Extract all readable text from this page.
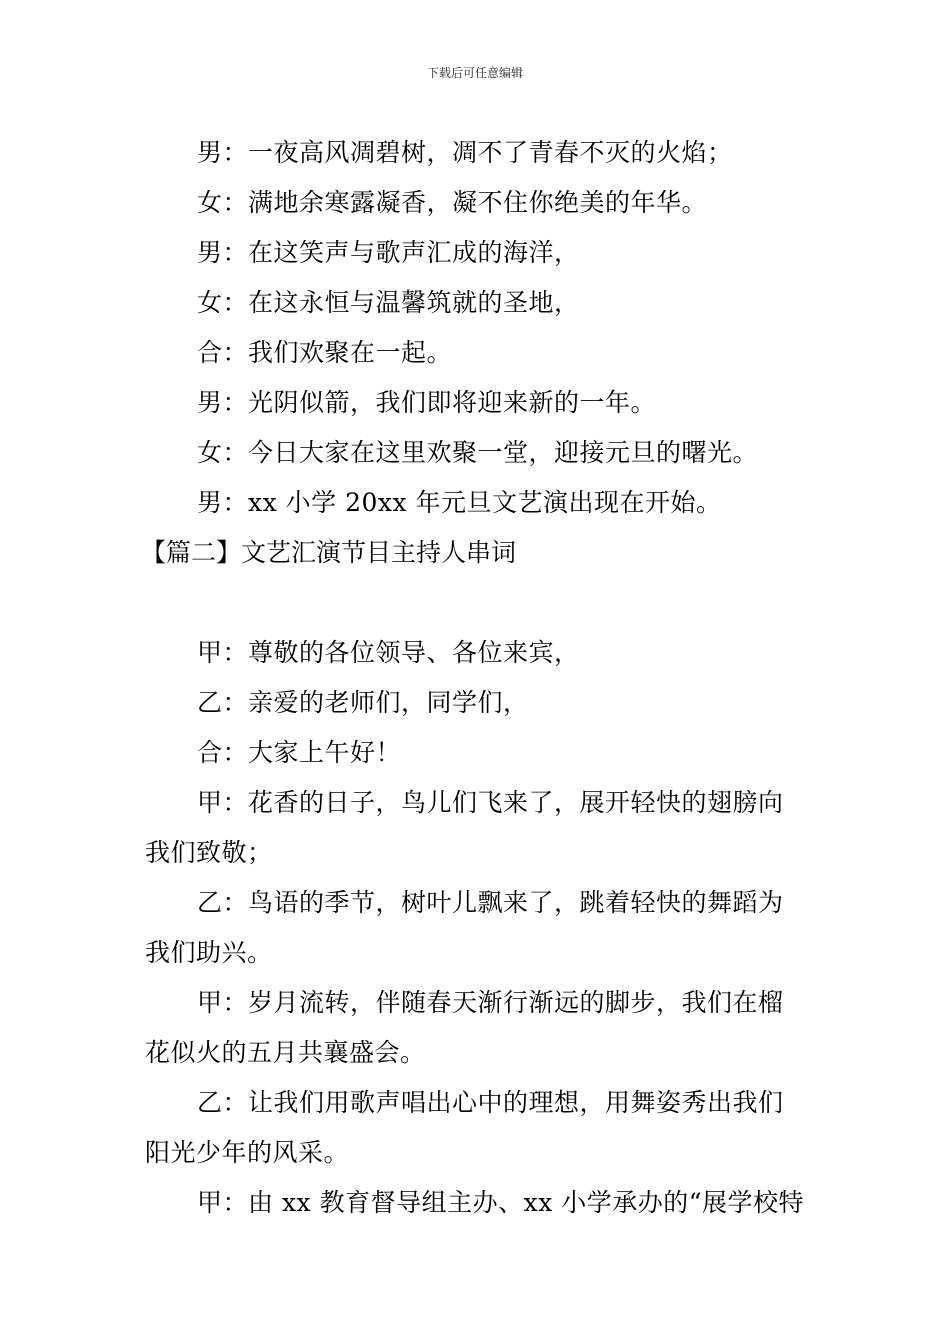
下载后可任意编辑
男：一夜高风凋碧树，凋不了青春不灭的火焰；
女：满地余寒露凝香，凝不住你绝美的年华。
男：在这笑声与歌声汇成的海洋，
女：在这永恒与温馨筑就的圣地，
合：我们欢聚在一起。
男：光阴似箭，我们即将迎来新的一年。
女：今日大家在这里欢聚一堂，迎接元旦的曙光。
男：xx 小学 20xx 年元旦文艺演出现在开始。
【篇二】文艺汇演节目主持人串词
甲：尊敬的各位领导、各位来宾，
乙：亲爱的老师们，同学们，
合：大家上午好！
甲：花香的日子，鸟儿们飞来了，展开轻快的翅膀向
我们致敬；
乙：鸟语的季节，树叶儿飘来了，跳着轻快的舞蹈为
我们助兴。
甲：岁月流转，伴随春天渐行渐远的脚步，我们在榴
花似火的五月共襄盛会。
乙：让我们用歌声唱出心中的理想，用舞姿秀出我们
阳光少年的风采。
甲：由 xx 教育督导组主办、xx 小学承办的“展学校特
